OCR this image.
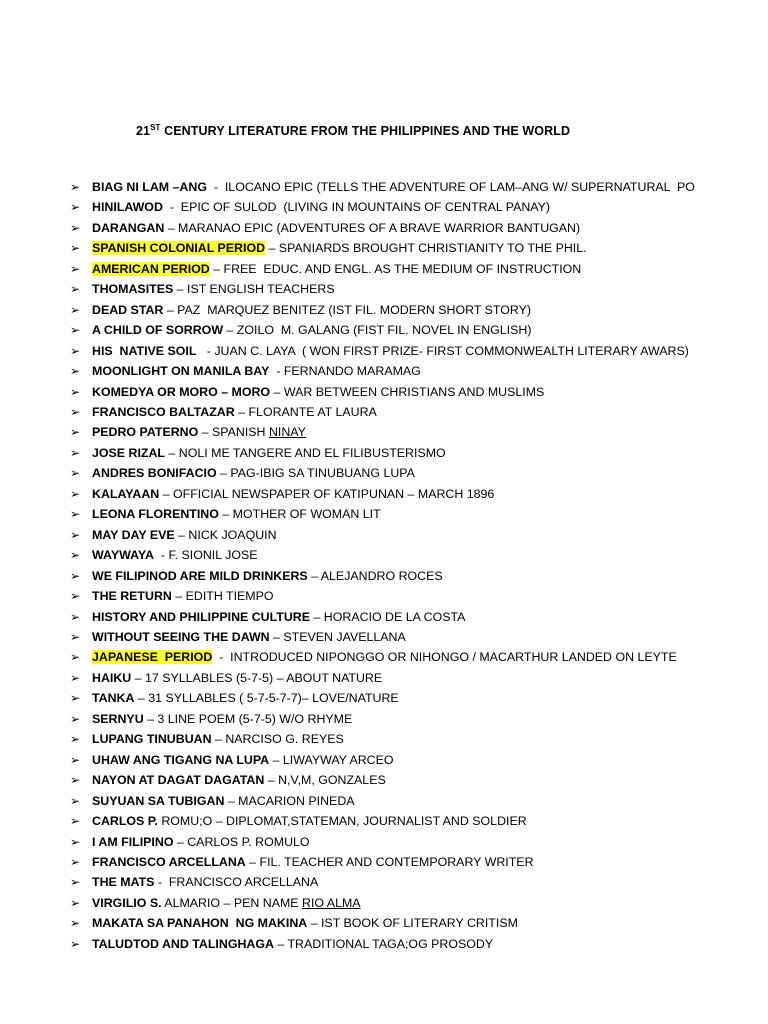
21ST CENTURY LITERATURE FROM THE PHILIPPINES AND THE WORLD
➢ BIAG NI LAM –ANG  -  ILOCANO EPIC (TELLS THE ADVENTURE OF LAM–ANG W/ SUPERNATURAL  PO
➢ HINILAWOD  -  EPIC OF SULOD  (LIVING IN MOUNTAINS OF CENTRAL PANAY)
➢ DARANGAN – MARANAO EPIC (ADVENTURES OF A BRAVE WARRIOR BANTUGAN)
➢ SPANISH COLONIAL PERIOD – SPANIARDS BROUGHT CHRISTIANITY TO THE PHIL.
➢ AMERICAN PERIOD – FREE  EDUC. AND ENGL. AS THE MEDIUM OF INSTRUCTION
➢ THOMASITES – IST ENGLISH TEACHERS
➢ DEAD STAR – PAZ  MARQUEZ BENITEZ (IST FIL. MODERN SHORT STORY)
➢ A CHILD OF SORROW – ZOILO  M. GALANG (FIST FIL. NOVEL IN ENGLISH)
➢ HIS  NATIVE SOIL   - JUAN C. LAYA  ( WON FIRST PRIZE- FIRST COMMONWEALTH LITERARY AWARS)
➢ MOONLIGHT ON MANILA BAY  - FERNANDO MARAMAG
➢ KOMEDYA OR MORO – MORO – WAR BETWEEN CHRISTIANS AND MUSLIMS
➢ FRANCISCO BALTAZAR – FLORANTE AT LAURA
➢ PEDRO PATERNO – SPANISH NINAY
➢ JOSE RIZAL – NOLI ME TANGERE AND EL FILIBUSTERISMO
➢ ANDRES BONIFACIO – PAG-IBIG SA TINUBUANG LUPA
➢ KALAYAAN – OFFICIAL NEWSPAPER OF KATIPUNAN – MARCH 1896
➢ LEONA FLORENTINO – MOTHER OF WOMAN LIT
➢ MAY DAY EVE – NICK JOAQUIN
➢ WAYWAYA  - F. SIONIL JOSE
➢ WE FILIPINOD ARE MILD DRINKERS – ALEJANDRO ROCES
➢ THE RETURN – EDITH TIEMPO
➢ HISTORY AND PHILIPPINE CULTURE – HORACIO DE LA COSTA
➢ WITHOUT SEEING THE DAWN – STEVEN JAVELLANA
➢ JAPANESE  PERIOD  -  INTRODUCED NIPONGGO OR NIHONGO / MACARTHUR LANDED ON LEYTE
➢ HAIKU – 17 SYLLABLES (5-7-5) – ABOUT NATURE
➢ TANKA – 31 SYLLABLES ( 5-7-5-7-7)– LOVE/NATURE
➢ SERNYU – 3 LINE POEM (5-7-5) W/O RHYME
➢ LUPANG TINUBUAN – NARCISO G. REYES
➢ UHAW ANG TIGANG NA LUPA – LIWAYWAY ARCEO
➢ NAYON AT DAGAT DAGATAN – N,V,M, GONZALES
➢ SUYUAN SA TUBIGAN – MACARION PINEDA
➢ CARLOS P. ROMU;O – DIPLOMAT,STATEMAN, JOURNALIST AND SOLDIER
➢ I AM FILIPINO – CARLOS P. ROMULO
➢ FRANCISCO ARCELLANA – FIL. TEACHER AND CONTEMPORARY WRITER
➢ THE MATS -  FRANCISCO ARCELLANA
➢ VIRGILIO S. ALMARIO – PEN NAME RIO ALMA
➢ MAKATA SA PANAHON  NG MAKINA – IST BOOK OF LITERARY CRITISM
➢ TALUDTOD AND TALINGHAGA – TRADITIONAL TAGA;OG PROSODY
